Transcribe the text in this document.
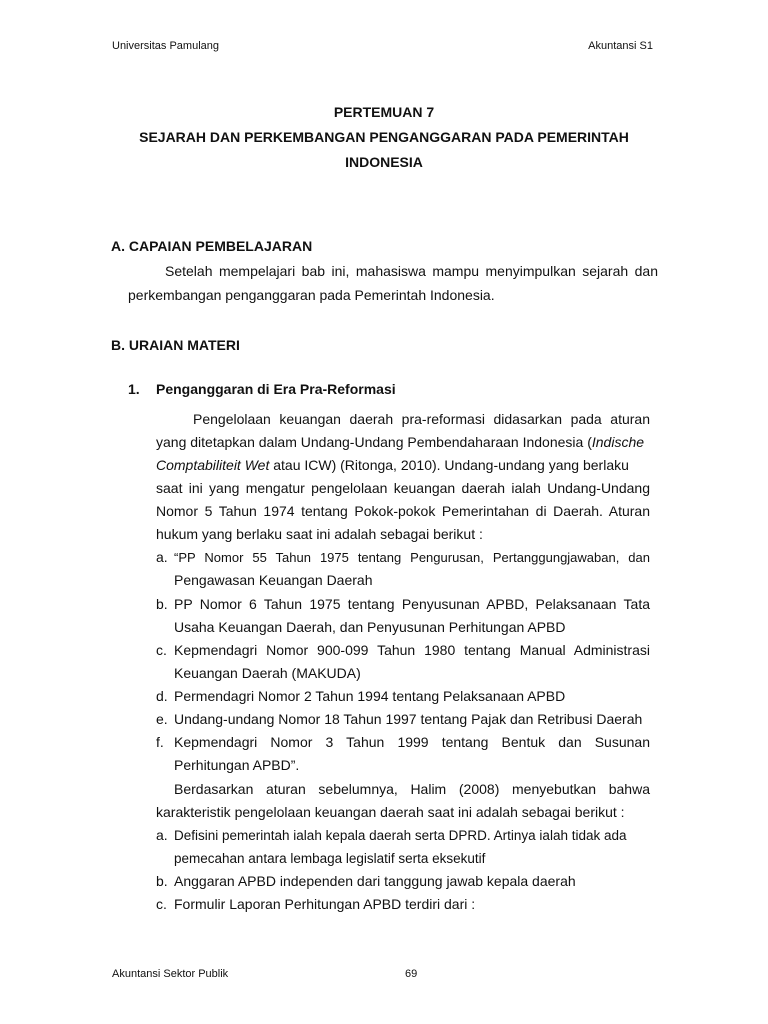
Universitas Pamulang	Akuntansi S1
PERTEMUAN 7
SEJARAH DAN PERKEMBANGAN PENGANGGARAN PADA PEMERINTAH
INDONESIA
A. CAPAIAN PEMBELAJARAN
Setelah mempelajari bab ini, mahasiswa mampu menyimpulkan sejarah dan
perkembangan penganggaran pada Pemerintah Indonesia.
B. URAIAN MATERI
1. Penganggaran di Era Pra-Reformasi
Pengelolaan keuangan daerah pra-reformasi didasarkan pada aturan
yang ditetapkan dalam Undang-Undang Pembendaharaan Indonesia (Indische
Comptabiliteit Wet atau ICW) (Ritonga, 2010). Undang-undang yang berlaku
saat ini yang mengatur pengelolaan keuangan daerah ialah Undang-Undang
Nomor 5 Tahun 1974 tentang Pokok-pokok Pemerintahan di Daerah. Aturan
hukum yang berlaku saat ini adalah sebagai berikut :
a. “PP Nomor 55 Tahun 1975 tentang Pengurusan, Pertanggungjawaban, dan
Pengawasan Keuangan Daerah
b. PP Nomor 6 Tahun 1975 tentang Penyusunan APBD, Pelaksanaan Tata
Usaha Keuangan Daerah, dan Penyusunan Perhitungan APBD
c. Kepmendagri Nomor 900-099 Tahun 1980 tentang Manual Administrasi
Keuangan Daerah (MAKUDA)
d. Permendagri Nomor 2 Tahun 1994 tentang Pelaksanaan APBD
e. Undang-undang Nomor 18 Tahun 1997 tentang Pajak dan Retribusi Daerah
f. Kepmendagri Nomor 3 Tahun 1999 tentang Bentuk dan Susunan
Perhitungan APBD”.
Berdasarkan aturan sebelumnya, Halim (2008) menyebutkan bahwa
karakteristik pengelolaan keuangan daerah saat ini adalah sebagai berikut :
a. Defisini pemerintah ialah kepala daerah serta DPRD. Artinya ialah tidak ada
pemecahan antara lembaga legislatif serta eksekutif
b. Anggaran APBD independen dari tanggung jawab kepala daerah
c. Formulir Laporan Perhitungan APBD terdiri dari :
Akuntansi Sektor Publik	69
